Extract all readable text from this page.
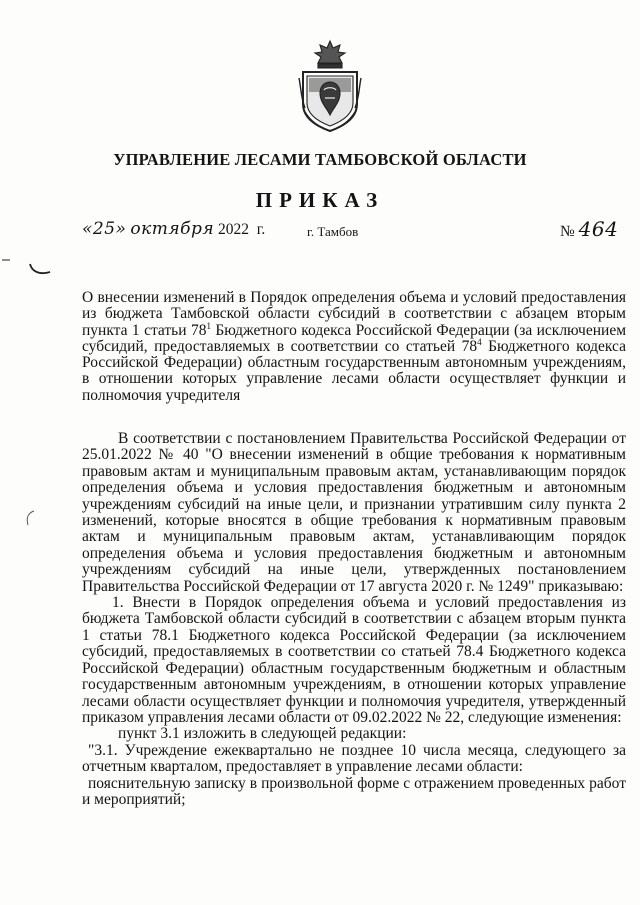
УПРАВЛЕНИЕ ЛЕСАМИ ТАМБОВСКОЙ ОБЛАСТИ
ПРИКАЗ
«25» октября 2022 г.	г. Тамбов	№ 464

О внесении изменений в Порядок определения объема и условий предоставления из бюджета Тамбовской области субсидий в соответствии с абзацем вторым пункта 1 статьи $78^1$ Бюджетного кодекса Российской Федерации (за исключением субсидий, предоставляемых в соответствии со статьей $78^4$ Бюджетного кодекса Российской Федерации) областным государственным автономным учреждениям, в отношении которых управление лесами области осуществляет функции и полномочия учредителя

В соответствии с постановлением Правительства Российской Федерации от 25.01.2022 № 40 "О внесении изменений в общие требования к нормативным правовым актам и муниципальным правовым актам, устанавливающим порядок определения объема и условия предоставления бюджетным и автономным учреждениям субсидий на иные цели, и признании утратившим силу пункта 2 изменений, которые вносятся в общие требования к нормативным правовым актам и муниципальным правовым актам, устанавливающим порядок определения объема и условия предоставления бюджетным и автономным учреждениям субсидий на иные цели, утвержденных постановлением Правительства Российской Федерации от 17 августа 2020 г. № 1249" приказываю:

1. Внести в Порядок определения объема и условий предоставления из бюджета Тамбовской области субсидий в соответствии с абзацем вторым пункта 1 статьи 78.1 Бюджетного кодекса Российской Федерации (за исключением субсидий, предоставляемых в соответствии со статьей 78.4 Бюджетного кодекса Российской Федерации) областным государственным бюджетным и областным государственным автономным учреждениям, в отношении которых управление лесами области осуществляет функции и полномочия учредителя, утвержденный приказом управления лесами области от 09.02.2022 № 22, следующие изменения:

пункт 3.1 изложить в следующей редакции:

"3.1. Учреждение ежеквартально не позднее 10 числа месяца, следующего за отчетным кварталом, предоставляет в управление лесами области:

пояснительную записку в произвольной форме с отражением проведенных работ и мероприятий;
